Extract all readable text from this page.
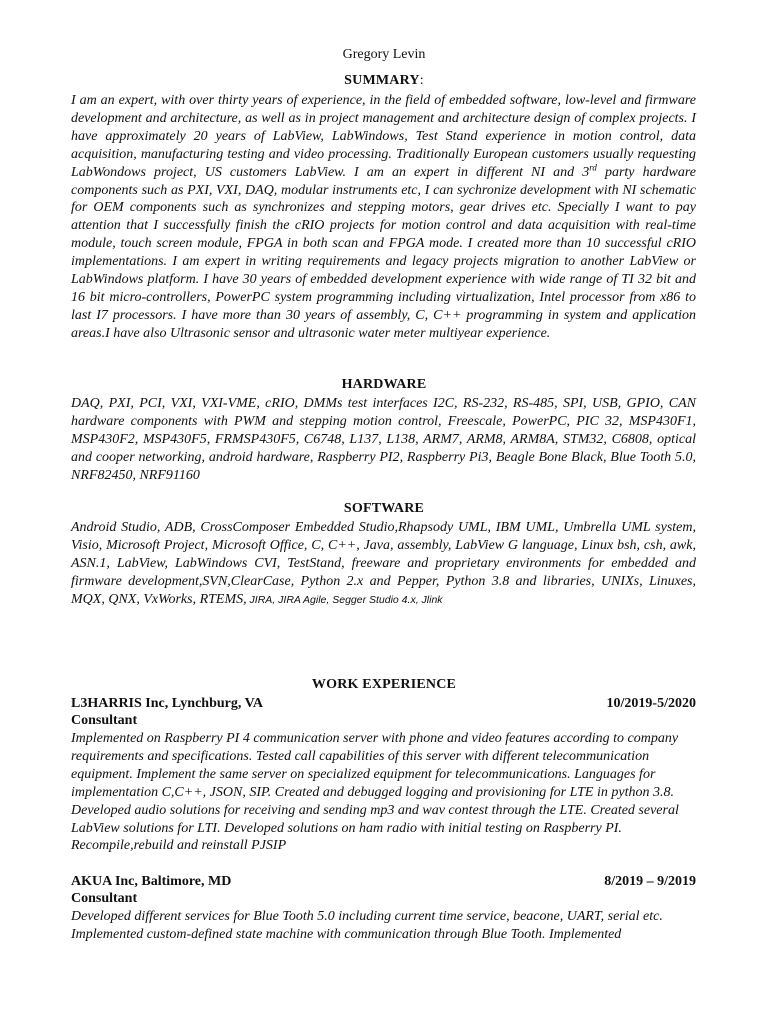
Gregory Levin
SUMMARY:

I am an expert, with over thirty years of experience, in the field of embedded software, low-level and firmware development and architecture, as well as in project management and architecture design of complex projects. I have approximately 20 years of LabView, LabWindows, Test Stand experience in motion control, data acquisition, manufacturing testing and video processing. Traditionally European customers usually requesting LabWondows project, US customers LabView. I am an expert in different NI and 3rd party hardware components such as PXI, VXI, DAQ, modular instruments etc, I can sychronize development with NI schematic for OEM components such as synchronizes and stepping motors, gear drives etc. Specially I want to pay attention that I successfully finish the cRIO projects for motion control and data acquisition with real-time module, touch screen module, FPGA in both scan and FPGA mode. I created more than 10 successful cRIO implementations. I am expert in writing requirements and legacy projects migration to another LabView or LabWindows platform. I have 30 years of embedded development experience with wide range of TI 32 bit and 16 bit micro-controllers, PowerPC system programming including virtualization, Intel processor from x86 to last I7 processors. I have more than 30 years of assembly, C, C++ programming in system and application areas.I have also Ultrasonic sensor and ultrasonic water meter multiyear experience.

HARDWARE

DAQ, PXI, PCI, VXI, VXI-VME, cRIO, DMMs test interfaces I2C, RS-232, RS-485, SPI, USB, GPIO, CAN hardware components with PWM and stepping motion control, Freescale, PowerPC, PIC 32, MSP430F1, MSP430F2, MSP430F5, FRMSP430F5, C6748, L137, L138, ARM7, ARM8, ARM8A, STM32, C6808, optical and cooper networking, android hardware, Raspberry PI2, Raspberry Pi3, Beagle Bone Black, Blue Tooth 5.0, NRF82450, NRF91160

SOFTWARE

Android Studio, ADB, CrossComposer Embedded Studio,Rhapsody UML, IBM UML, Umbrella UML system, Visio, Microsoft Project, Microsoft Office, C, C++, Java, assembly, LabView G language, Linux bsh, csh, awk, ASN.1, LabView, LabWindows CVI, TestStand, freeware and proprietary environments for embedded and firmware development,SVN,ClearCase, Python 2.x and Pepper, Python 3.8 and libraries, UNIXs, Linuxes, MQX, QNX, VxWorks, RTEMS, JIRA, JIRA Agile, Segger Studio 4.x, Jlink

WORK EXPERIENCE
L3HARRIS Inc, Lynchburg, VA	10/2019-5/2020
Consultant

Implemented on Raspberry PI 4 communication server with phone and video features according to company requirements and specifications. Tested call capabilities of this server with different telecommunication equipment. Implement the same server on specialized equipment for telecommunications. Languages for implementation C,C++, JSON, SIP. Created and debugged logging and provisioning for LTE in python 3.8. Developed audio solutions for receiving and sending mp3 and wav contest through the LTE. Created several LabView solutions for LTI. Developed solutions on ham radio with initial testing on Raspberry PI. Recompile,rebuild and reinstall PJSIP

AKUA Inc, Baltimore, MD	8/2019 – 9/2019
Consultant

Developed different services for Blue Tooth 5.0 including current time service, beacone, UART, serial etc. Implemented custom-defined state machine with communication through Blue Tooth. Implemented
